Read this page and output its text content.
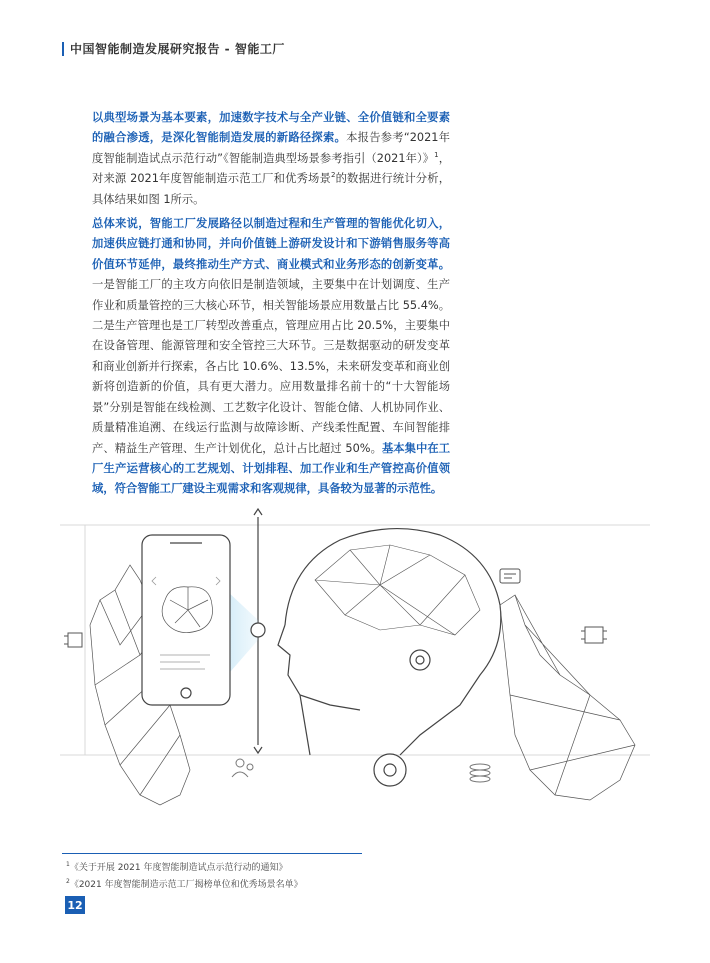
中国智能制造发展研究报告 - 智能工厂

以典型场景为基本要素，加速数字技术与全产业链、全价值链和全要素的融合渗透，是深化智能制造发展的新路径探索。本报告参考“2021年度智能制造试点示范行动”《智能制造典型场景参考指引（2021年）》$^1$，对来源 2021年度智能制造示范工厂和优秀场景$^2$的数据进行统计分析，具体结果如图 1所示。

总体来说，智能工厂发展路径以制造过程和生产管理的智能优化切入，加速供应链打通和协同，并向价值链上游研发设计和下游销售服务等高价值环节延伸，最终推动生产方式、商业模式和业务形态的创新变革。一是智能工厂的主攻方向依旧是制造领域，主要集中在计划调度、生产作业和质量管控的三大核心环节，相关智能场景应用数量占比 55.4%。二是生产管理也是工厂转型改善重点，管理应用占比 20.5%，主要集中在设备管理、能源管理和安全管控三大环节。三是数据驱动的研发变革和商业创新并行探索，各占比 10.6%、13.5%，未来研发变革和商业创新将创造新的价值，具有更大潜力。应用数量排名前十的“十大智能场景”分别是智能在线检测、工艺数字化设计、智能仓储、人机协同作业、质量精准追溯、在线运行监测与故障诊断、产线柔性配置、车间智能排产、精益生产管理、生产计划优化，总计占比超过 50%。基本集中在工厂生产运营核心的工艺规划、计划排程、加工作业和生产管控高价值领域，符合智能工厂建设主观需求和客观规律，具备较为显著的示范性。

$^1$《关于开展 2021 年度智能制造试点示范行动的通知》
$^2$《2021 年度智能制造示范工厂揭榜单位和优秀场景名单》
12
